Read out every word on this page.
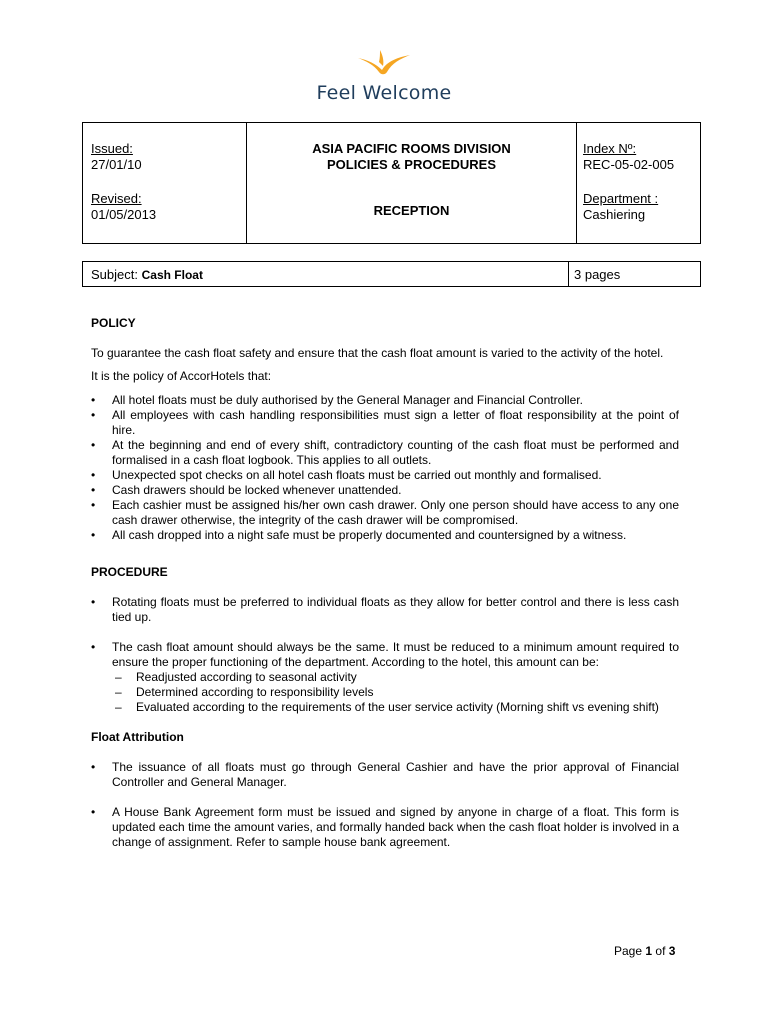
Feel Welcome
Issued:
27/01/10
Revised:
01/05/2013

ASIA PACIFIC ROOMS DIVISION
POLICIES & PROCEDURES
RECEPTION

Index Nº:
REC-05-02-005
Department :
Cashiering
Subject: Cash Float	3 pages

POLICY

To guarantee the cash float safety and ensure that the cash float amount is varied to the activity of the hotel.

It is the policy of AccorHotels that:

• All hotel floats must be duly authorised by the General Manager and Financial Controller.
• All employees with cash handling responsibilities must sign a letter of float responsibility at the point of hire.
• At the beginning and end of every shift, contradictory counting of the cash float must be performed and formalised in a cash float logbook. This applies to all outlets.
• Unexpected spot checks on all hotel cash floats must be carried out monthly and formalised.
• Cash drawers should be locked whenever unattended.
• Each cashier must be assigned his/her own cash drawer. Only one person should have access to any one cash drawer otherwise, the integrity of the cash drawer will be compromised.
• All cash dropped into a night safe must be properly documented and countersigned by a witness.

PROCEDURE

• Rotating floats must be preferred to individual floats as they allow for better control and there is less cash tied up.
• The cash float amount should always be the same. It must be reduced to a minimum amount required to ensure the proper functioning of the department. According to the hotel, this amount can be:
– Readjusted according to seasonal activity
– Determined according to responsibility levels
– Evaluated according to the requirements of the user service activity (Morning shift vs evening shift)

Float Attribution

• The issuance of all floats must go through General Cashier and have the prior approval of Financial Controller and General Manager.
• A House Bank Agreement form must be issued and signed by anyone in charge of a float. This form is updated each time the amount varies, and formally handed back when the cash float holder is involved in a change of assignment. Refer to sample house bank agreement.
Page 1 of 3
